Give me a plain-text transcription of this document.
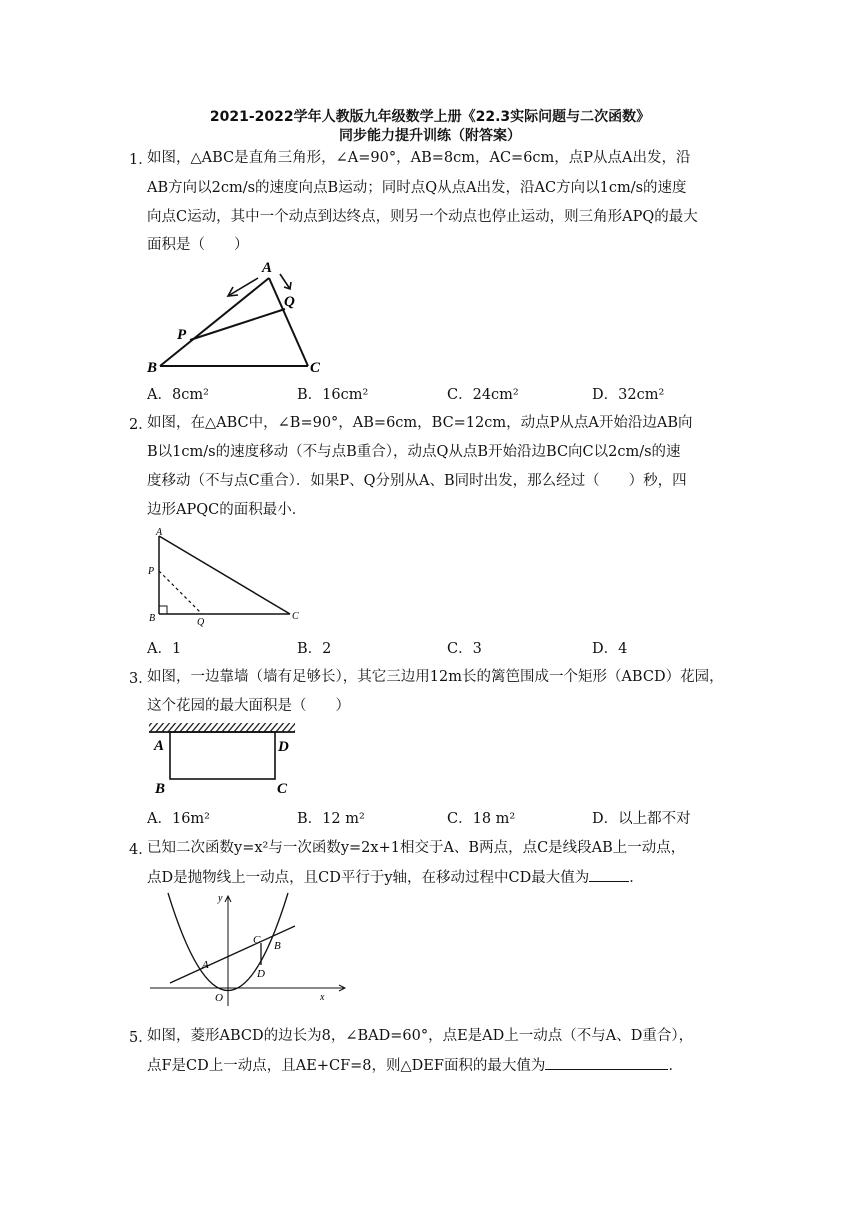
2021-2022学年人教版九年级数学上册《22.3实际问题与二次函数》
同步能力提升训练（附答案）
1．
如图，△ABC是直角三角形，∠A=90°，AB=8cm，AC=6cm，点P从点A出发，沿
AB方向以2cm/s的速度向点B运动；同时点Q从点A出发，沿AC方向以1cm/s的速度
向点C运动，其中一个动点到达终点，则另一个动点也停止运动，则三角形APQ的最大
面积是（　　）
A
Q
P
B	C
A．8cm²	B．16cm²	C．24cm²	D．32cm²
2．
如图，在△ABC中，∠B=90°，AB=6cm，BC=12cm，动点P从点A开始沿边AB向
B以1cm/s的速度移动（不与点B重合），动点Q从点B开始沿边BC向C以2cm/s的速
度移动（不与点C重合）．如果P、Q分别从A、B同时出发，那么经过（　　）秒，四
边形APQC的面积最小．
A
P
B	Q
C
A．1	B．2	C．3	D．4
3．
如图，一边靠墙（墙有足够长），其它三边用12m长的篱笆围成一个矩形（ABCD）花园，
这个花园的最大面积是（　　）
A	D
B	C
A．16m²	B．12 m²	C．18 m²	D．以上都不对
4．
已知二次函数y=x²与一次函数y=2x+1相交于A、B两点，点C是线段AB上一动点，
点D是抛物线上一动点，且CD平行于y轴，在移动过程中CD最大值为	．
y
x
O
A
C B
D
5．
如图，菱形ABCD的边长为8，∠BAD=60°，点E是AD上一动点（不与A、D重合），
点F是CD上一动点，且AE+CF=8，则△DEF面积的最大值为	．
